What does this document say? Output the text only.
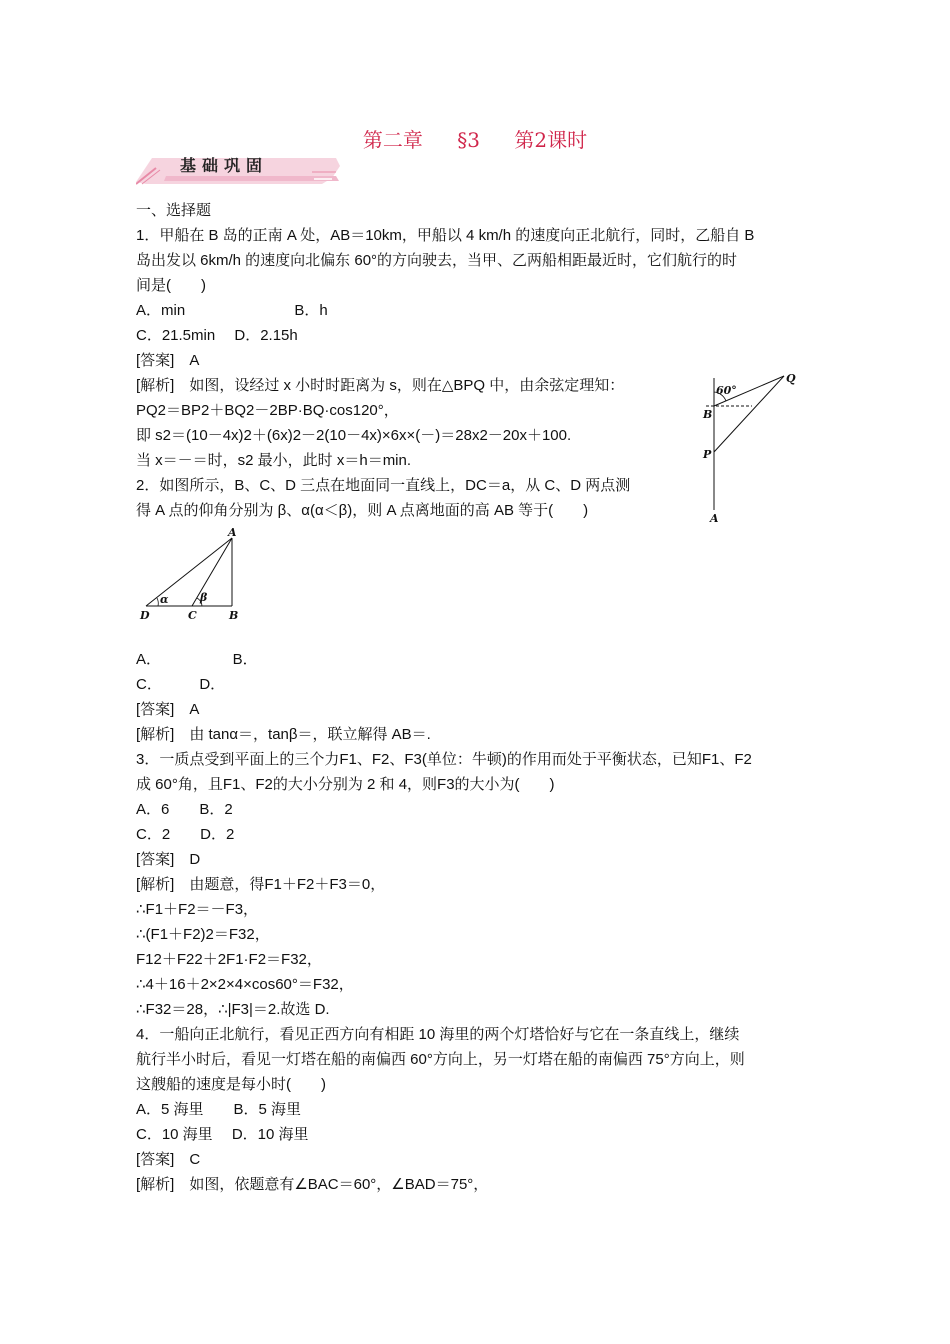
第二章 §3 第2课时
基础巩固
一、选择题
1．甲船在 B 岛的正南 A 处，AB＝10km，甲船以 4 km/h 的速度向正北航行，同时，乙船自 B
岛出发以 6km/h 的速度向北偏东 60°的方向驶去，当甲、乙两船相距最近时，它们航行的时
间是(　　)
A．min　　　　　　　 B．h
C．21.5min　 D．2.15h
[答案]　A
[解析]　如图，设经过 x 小时时距离为 s，则在△BPQ 中，由余弦定理知：
PQ2＝BP2＋BQ2－2BP·BQ·cos120°，
即 s2＝(10－4x)2＋(6x)2－2(10－4x)×6x×(－)＝28x2－20x＋100.
当 x＝－＝时，s2 最小，此时 x＝h＝min.
2．如图所示，B、C、D 三点在地面同一直线上，DC＝a，从 C、D 两点测
得 A 点的仰角分别为 β、α(α＜β)，则 A 点离地面的高 AB 等于(　　)
A．　　　　　 B．
C．　　　D．
[答案]　A
[解析]　由 tanα＝，tanβ＝，联立解得 AB＝.
3．一质点受到平面上的三个力F1、F2、F3(单位：牛顿)的作用而处于平衡状态，已知F1、F2
成 60°角，且F1、F2的大小分别为 2 和 4，则F3的大小为(　　)
A．6　　B．2
C．2　　D．2
[答案]　D
[解析]　由题意，得F1＋F2＋F3＝0，
∴F1＋F2＝－F3，
∴(F1＋F2)2＝F32，
F12＋F22＋2F1·F2＝F32，
∴4＋16＋2×2×4×cos60°＝F32，
∴F32＝28，∴|F3|＝2.故选 D.
4．一船向正北航行，看见正西方向有相距 10 海里的两个灯塔恰好与它在一条直线上，继续
航行半小时后，看见一灯塔在船的南偏西 60°方向上，另一灯塔在船的南偏西 75°方向上，则
这艘船的速度是每小时(　　)
A．5 海里　　B．5 海里
C．10 海里　 D．10 海里
[答案]　C
[解析]　如图，依题意有∠BAC＝60°，∠BAD＝75°，
60°
Q
B
P
A
α	β
A
D	C	B
